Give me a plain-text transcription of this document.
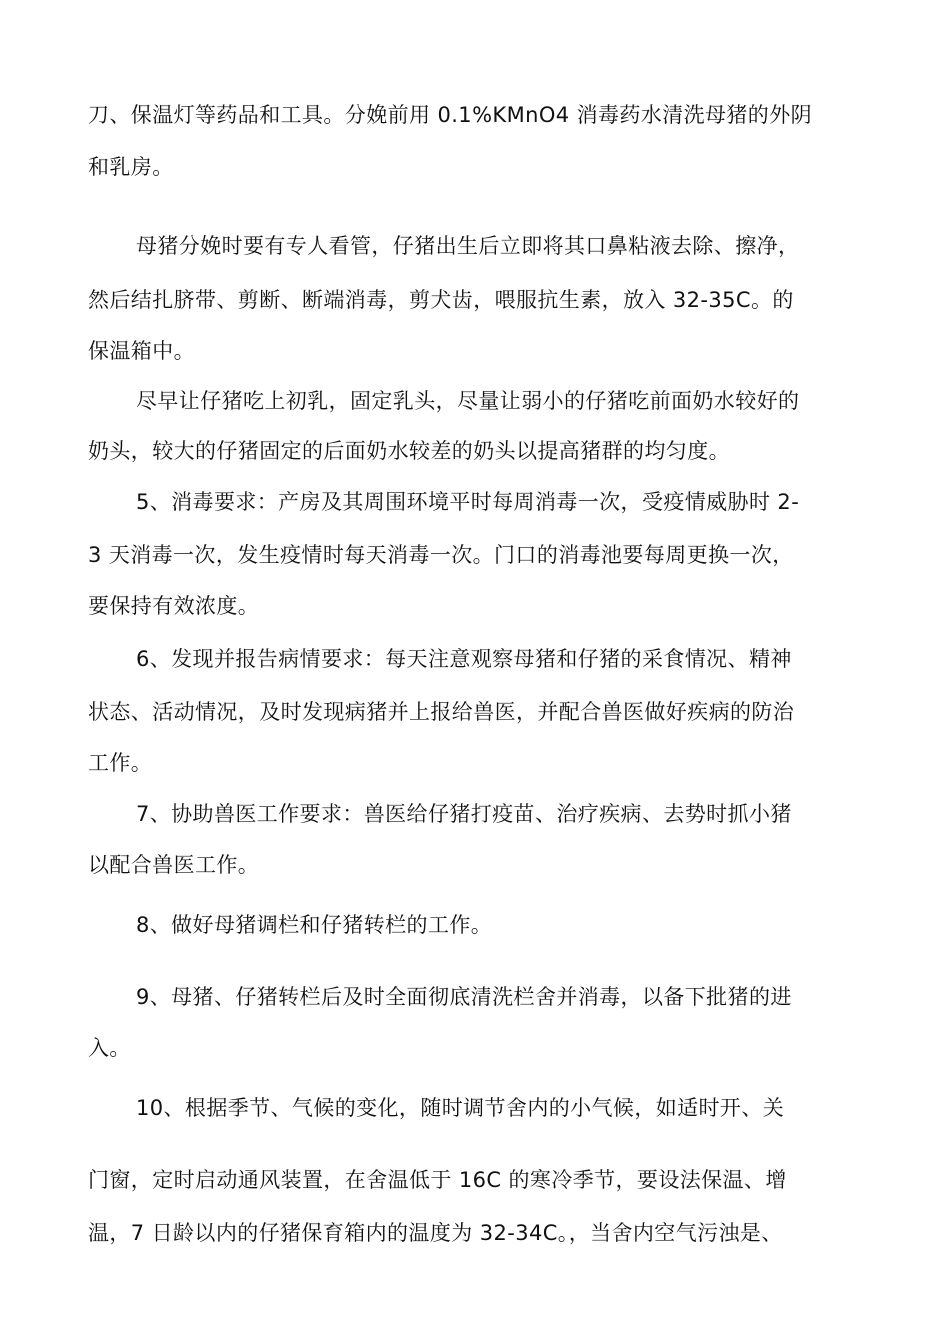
刀、保温灯等药品和工具。分娩前用 0.1%KMnO4 消毒药水清洗母猪的外阴
和乳房。
母猪分娩时要有专人看管，仔猪出生后立即将其口鼻粘液去除、擦净，
然后结扎脐带、剪断、断端消毒，剪犬齿，喂服抗生素，放入 32-35C。的
保温箱中。
尽早让仔猪吃上初乳，固定乳头，尽量让弱小的仔猪吃前面奶水较好的
奶头，较大的仔猪固定的后面奶水较差的奶头以提高猪群的均匀度。
5、消毒要求：产房及其周围环境平时每周消毒一次，受疫情威胁时 2-
3 天消毒一次，发生疫情时每天消毒一次。门口的消毒池要每周更换一次，
要保持有效浓度。
6、发现并报告病情要求：每天注意观察母猪和仔猪的采食情况、精神
状态、活动情况，及时发现病猪并上报给兽医，并配合兽医做好疾病的防治
工作。
7、协助兽医工作要求：兽医给仔猪打疫苗、治疗疾病、去势时抓小猪
以配合兽医工作。
8、做好母猪调栏和仔猪转栏的工作。
9、母猪、仔猪转栏后及时全面彻底清洗栏舍并消毒，以备下批猪的进
入。
10、根据季节、气候的变化，随时调节舍内的小气候，如适时开、关
门窗，定时启动通风装置，在舍温低于 16C 的寒冷季节，要设法保温、增
温，7 日龄以内的仔猪保育箱内的温度为 32-34C。，当舍内空气污浊是、
